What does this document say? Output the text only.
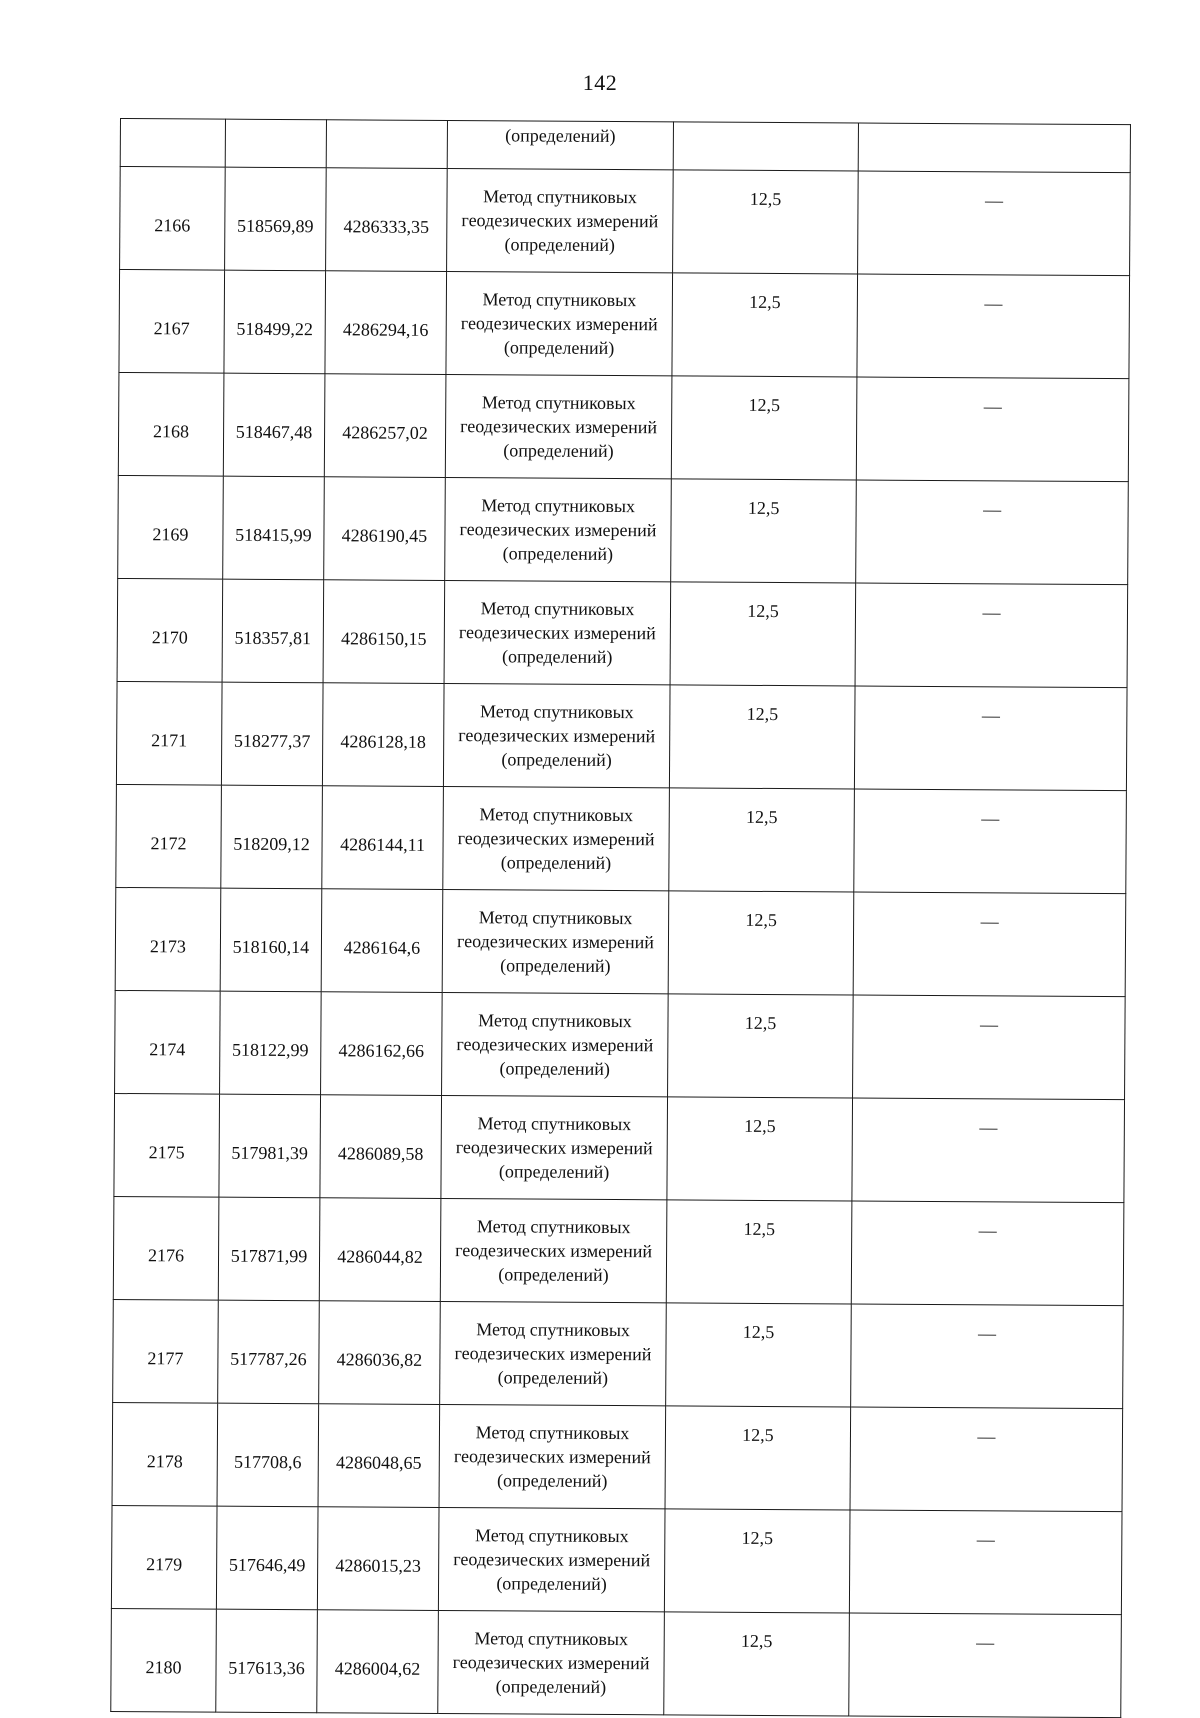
142
			(определений)		
2166	518569,89	4286333,35	Метод спутниковых
геодезических измерений
(определений)	12,5	—
2167	518499,22	4286294,16	Метод спутниковых
геодезических измерений
(определений)	12,5	—
2168	518467,48	4286257,02	Метод спутниковых
геодезических измерений
(определений)	12,5	—
2169	518415,99	4286190,45	Метод спутниковых
геодезических измерений
(определений)	12,5	—
2170	518357,81	4286150,15	Метод спутниковых
геодезических измерений
(определений)	12,5	—
2171	518277,37	4286128,18	Метод спутниковых
геодезических измерений
(определений)	12,5	—
2172	518209,12	4286144,11	Метод спутниковых
геодезических измерений
(определений)	12,5	—
2173	518160,14	4286164,6	Метод спутниковых
геодезических измерений
(определений)	12,5	—
2174	518122,99	4286162,66	Метод спутниковых
геодезических измерений
(определений)	12,5	—
2175	517981,39	4286089,58	Метод спутниковых
геодезических измерений
(определений)	12,5	—
2176	517871,99	4286044,82	Метод спутниковых
геодезических измерений
(определений)	12,5	—
2177	517787,26	4286036,82	Метод спутниковых
геодезических измерений
(определений)	12,5	—
2178	517708,6	4286048,65	Метод спутниковых
геодезических измерений
(определений)	12,5	—
2179	517646,49	4286015,23	Метод спутниковых
геодезических измерений
(определений)	12,5	—
2180	517613,36	4286004,62	Метод спутниковых
геодезических измерений
(определений)	12,5	—
